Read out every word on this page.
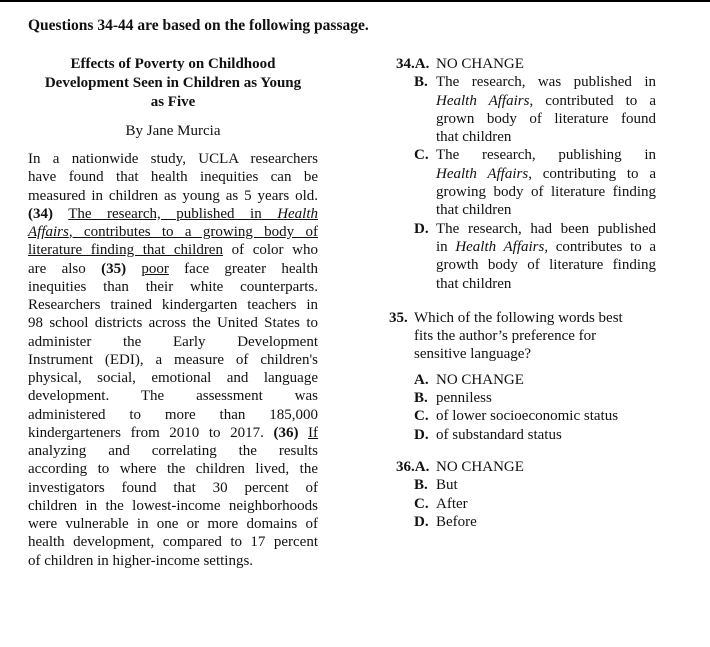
Questions 34-44 are based on the following passage.
Effects of Poverty on Childhood
Development Seen in Children as Young
as Five
By Jane Murcia
In a nationwide study, UCLA researchers
have found that health inequities can be
measured in children as young as 5 years old.
(34) The research, published in Health
Affairs, contributes to a growing body of
literature finding that children of color who
are also (35) poor face greater health
inequities than their white counterparts.
Researchers trained kindergarten teachers in
98 school districts across the United States to
administer the Early Development
Instrument (EDI), a measure of children's
physical, social, emotional and language
development. The assessment was
administered to more than 185,000
kindergarteners from 2010 to 2017. (36) If
analyzing and correlating the results
according to where the children lived, the
investigators found that 30 percent of
children in the lowest-income neighborhoods
were vulnerable in one or more domains of
health development, compared to 17 percent
of children in higher-income settings.
34.A. NO CHANGE
B. The research, was published in
Health Affairs, contributed to a
grown body of literature found
that children
C. The research, publishing in
Health Affairs, contributing to a
growing body of literature finding
that children
D. The research, had been published
in Health Affairs, contributes to a
growth body of literature finding
that children
35. Which of the following words best
fits the author’s preference for
sensitive language?
A. NO CHANGE
B. penniless
C. of lower socioeconomic status
D. of substandard status
36.A. NO CHANGE
B. But
C. After
D. Before
